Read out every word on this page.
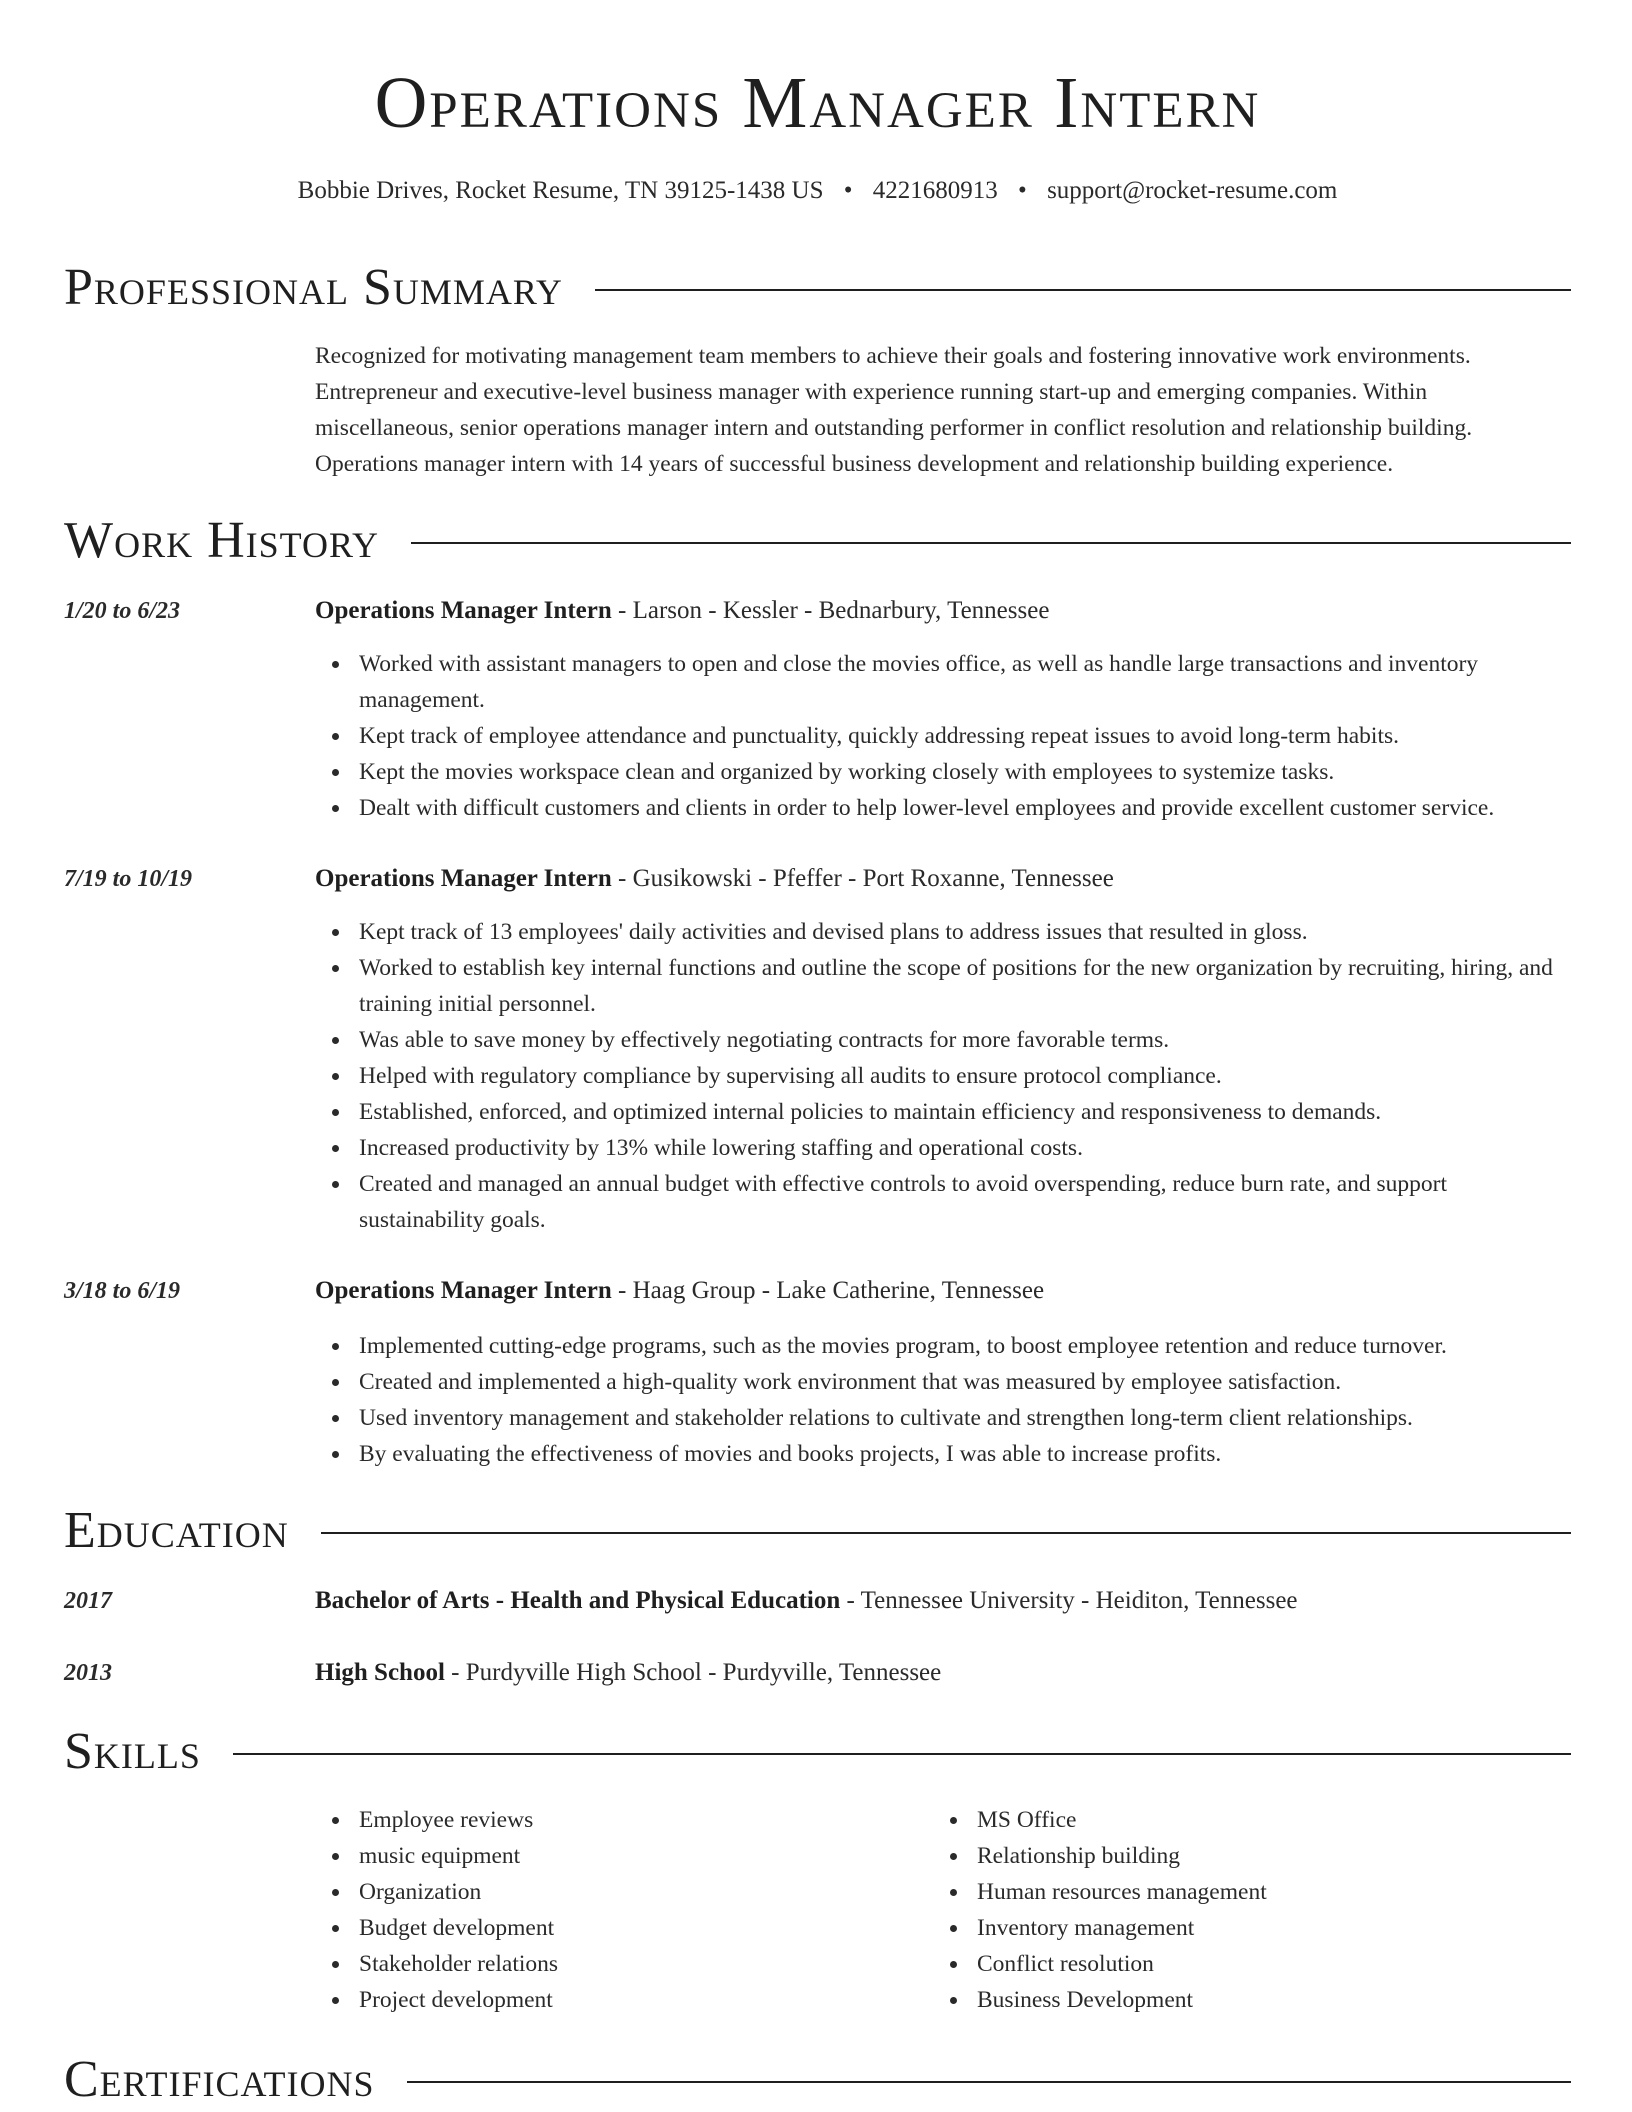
Operations Manager Intern
Bobbie Drives, Rocket Resume, TN 39125-1438 US • 4221680913 • support@rocket-resume.com
Professional Summary
Recognized for motivating management team members to achieve their goals and fostering innovative work environments. Entrepreneur and executive-level business manager with experience running start-up and emerging companies. Within miscellaneous, senior operations manager intern and outstanding performer in conflict resolution and relationship building. Operations manager intern with 14 years of successful business development and relationship building experience.
Work History
1/20 to 6/23	Operations Manager Intern - Larson - Kessler - Bednarbury, Tennessee
Worked with assistant managers to open and close the movies office, as well as handle large transactions and inventory management.
Kept track of employee attendance and punctuality, quickly addressing repeat issues to avoid long-term habits.
Kept the movies workspace clean and organized by working closely with employees to systemize tasks.
Dealt with difficult customers and clients in order to help lower-level employees and provide excellent customer service.
7/19 to 10/19	Operations Manager Intern - Gusikowski - Pfeffer - Port Roxanne, Tennessee
Kept track of 13 employees' daily activities and devised plans to address issues that resulted in gloss.
Worked to establish key internal functions and outline the scope of positions for the new organization by recruiting, hiring, and training initial personnel.
Was able to save money by effectively negotiating contracts for more favorable terms.
Helped with regulatory compliance by supervising all audits to ensure protocol compliance.
Established, enforced, and optimized internal policies to maintain efficiency and responsiveness to demands.
Increased productivity by 13% while lowering staffing and operational costs.
Created and managed an annual budget with effective controls to avoid overspending, reduce burn rate, and support sustainability goals.
3/18 to 6/19	Operations Manager Intern - Haag Group - Lake Catherine, Tennessee
Implemented cutting-edge programs, such as the movies program, to boost employee retention and reduce turnover.
Created and implemented a high-quality work environment that was measured by employee satisfaction.
Used inventory management and stakeholder relations to cultivate and strengthen long-term client relationships.
By evaluating the effectiveness of movies and books projects, I was able to increase profits.
Education
2017	Bachelor of Arts - Health and Physical Education - Tennessee University - Heiditon, Tennessee
2013	High School - Purdyville High School - Purdyville, Tennessee
Skills
Employee reviews
music equipment
Organization
Budget development
Stakeholder relations
Project development
MS Office
Relationship building
Human resources management
Inventory management
Conflict resolution
Business Development
Certifications
